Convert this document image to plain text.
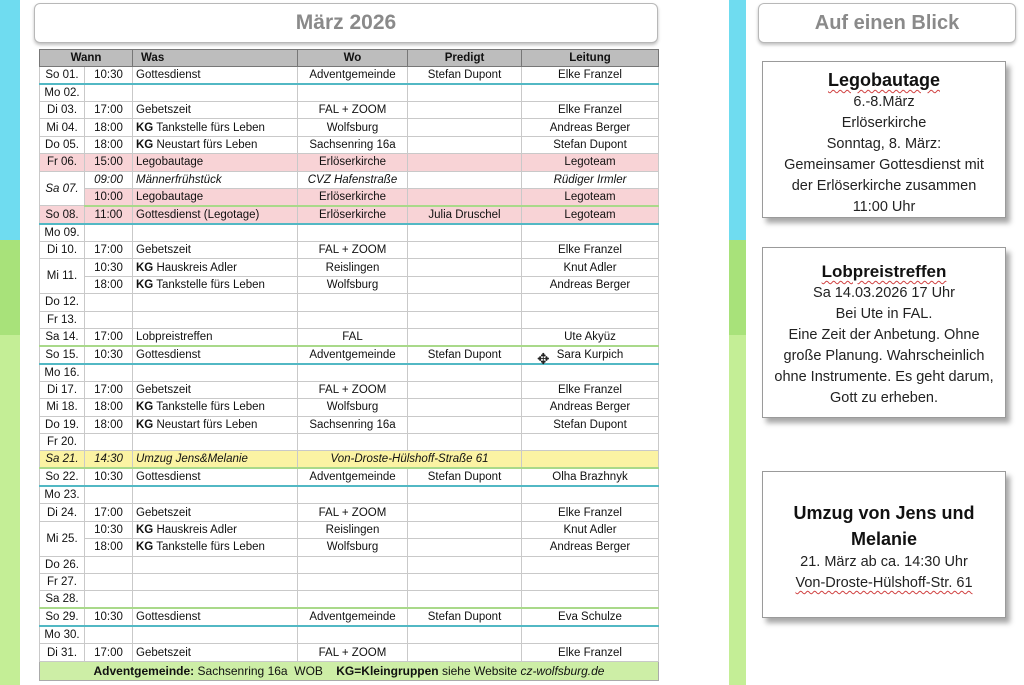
März 2026
Wann		Was	Wo	Predigt	Leitung
So 01.	10:30	Gottesdienst	Adventgemeinde	Stefan Dupont	Elke Franzel
Mo 02.					
Di 03.	17:00	Gebetszeit	FAL + ZOOM		Elke Franzel
Mi 04.	18:00	KG Tankstelle fürs Leben	Wolfsburg		Andreas Berger
Do 05.	18:00	KG Neustart fürs Leben	Sachsenring 16a		Stefan Dupont
Fr 06.	15:00	Legobautage	Erlöserkirche		Legoteam
Sa 07.	09:00	Männerfrühstück	CVZ Hafenstraße		Rüdiger Irmler
	10:00	Legobautage	Erlöserkirche		Legoteam
So 08.	11:00	Gottesdienst (Legotage)	Erlöserkirche	Julia Druschel	Legoteam
Mo 09.					
Di 10.	17:00	Gebetszeit	FAL + ZOOM		Elke Franzel
Mi 11.	10:30	KG Hauskreis Adler	Reislingen		Knut Adler
	18:00	KG Tankstelle fürs Leben	Wolfsburg		Andreas Berger
Do 12.					
Fr 13.					
Sa 14.	17:00	Lobpreistreffen	FAL		Ute Akyüz
So 15.	10:30	Gottesdienst	Adventgemeinde	Stefan Dupont	Sara Kurpich
Mo 16.					
Di 17.	17:00	Gebetszeit	FAL + ZOOM		Elke Franzel
Mi 18.	18:00	KG Tankstelle fürs Leben	Wolfsburg		Andreas Berger
Do 19.	18:00	KG Neustart fürs Leben	Sachsenring 16a		Stefan Dupont
Fr 20.					
Sa 21.	14:30	Umzug Jens&Melanie	Von-Droste-Hülshoff-Straße 61		
So 22.	10:30	Gottesdienst	Adventgemeinde	Stefan Dupont	Olha Brazhnyk
Mo 23.					
Di 24.	17:00	Gebetszeit	FAL + ZOOM		Elke Franzel
Mi 25.	10:30	KG Hauskreis Adler	Reislingen		Knut Adler
	18:00	KG Tankstelle fürs Leben	Wolfsburg		Andreas Berger
Do 26.					
Fr 27.					
Sa 28.					
So 29.	10:30	Gottesdienst	Adventgemeinde	Stefan Dupont	Eva Schulze
Mo 30.					
Di 31.	17:00	Gebetszeit	FAL + ZOOM		Elke Franzel
Adventgemeinde: Sachsenring 16a  WOB    KG=Kleingruppen siehe Website cz-wolfsburg.de					
✥
Auf einen Blick
Legobautage
6.-8.März
Erlöserkirche
Sonntag, 8. März:
Gemeinsamer Gottesdienst mit
der Erlöserkirche zusammen
11:00 Uhr
Lobpreistreffen
Sa 14.03.2026 17 Uhr
Bei Ute in FAL.
Eine Zeit der Anbetung. Ohne
große Planung. Wahrscheinlich
ohne Instrumente. Es geht darum,
Gott zu erheben.
Umzug von Jens und Melanie
21. März ab ca. 14:30 Uhr
Von-Droste-Hülshoff-Str. 61
